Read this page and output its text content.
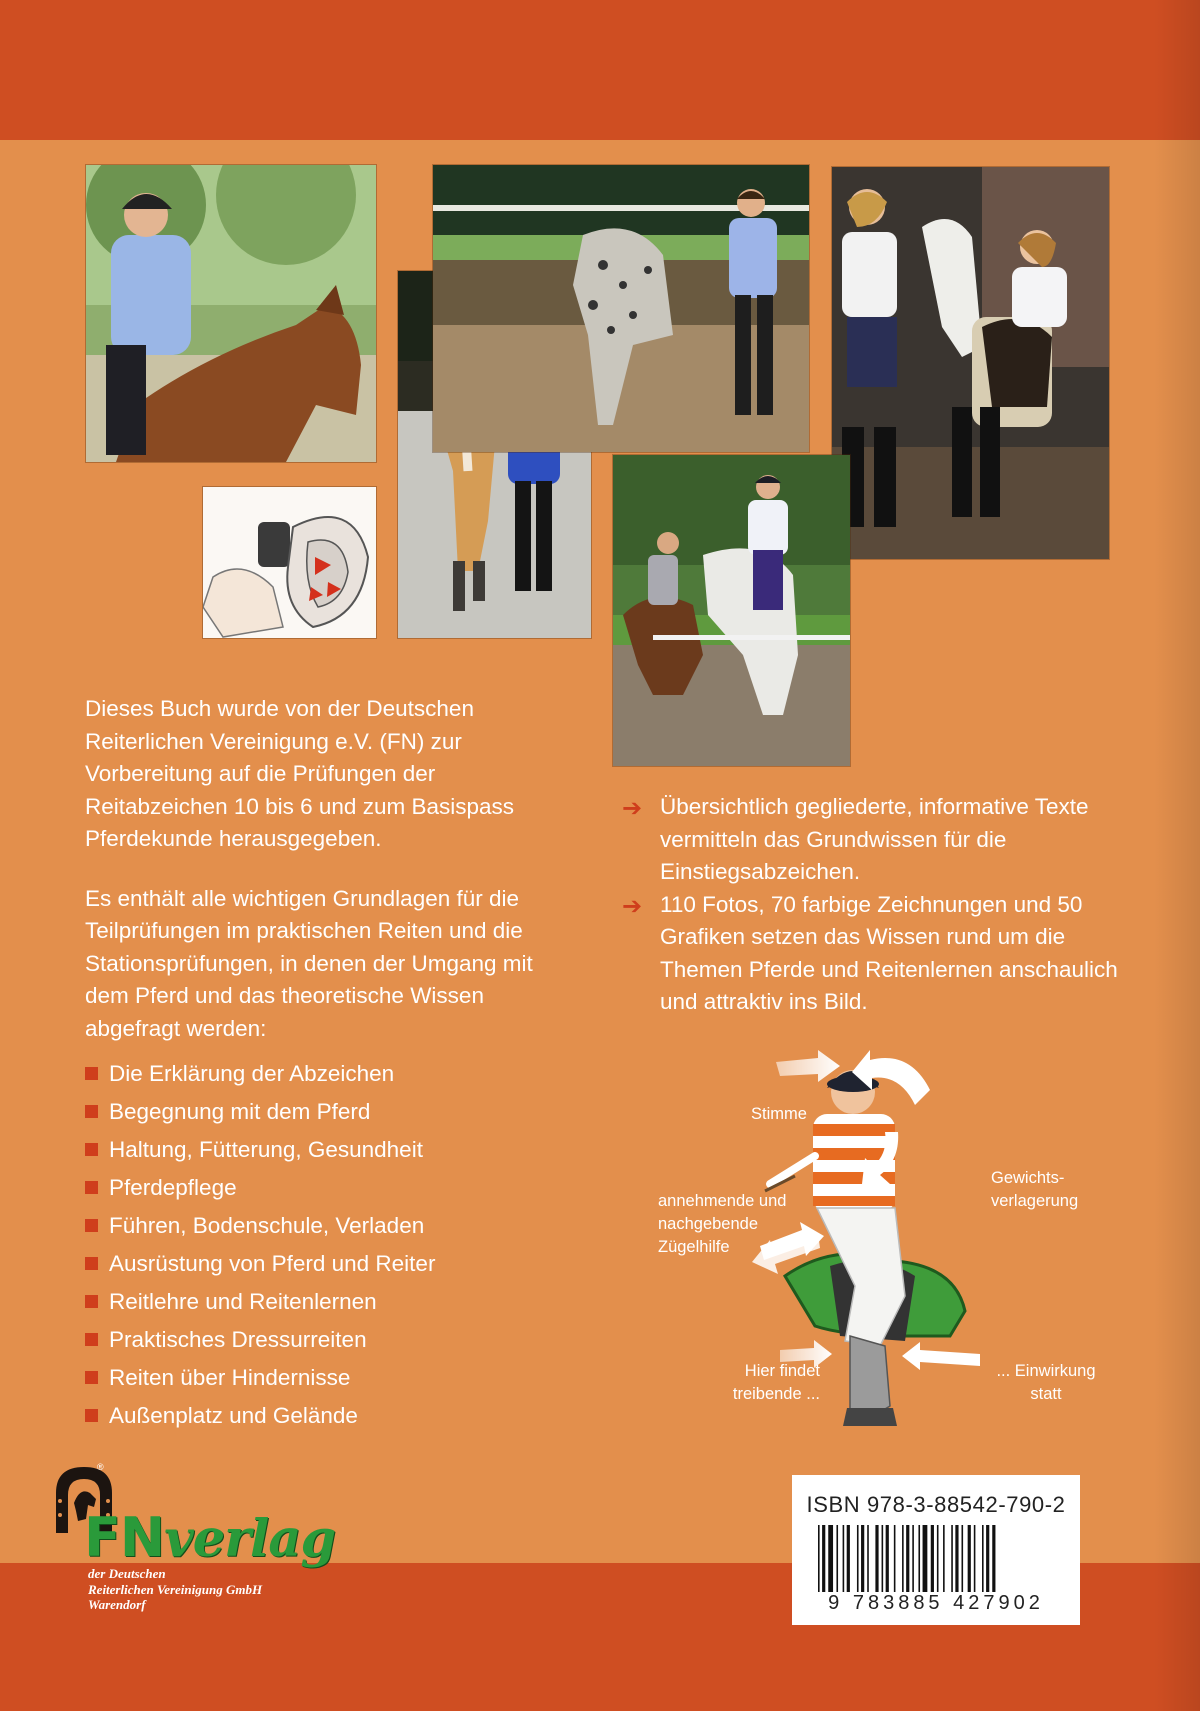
Dieses Buch wurde von der Deutschen Reiterlichen Vereinigung e.V. (FN) zur Vorbereitung auf die Prüfungen der Reitabzeichen 10 bis 6 und zum Basispass Pferdekunde herausgegeben.

Es enthält alle wichtigen Grundlagen für die Teilprüfungen im praktischen Reiten und die Stationsprüfungen, in denen der Umgang mit dem Pferd und das theoretische Wissen abgefragt werden:

Die Erklärung der Abzeichen
Begegnung mit dem Pferd
Haltung, Fütterung, Gesundheit
Pferdepflege
Führen, Bodenschule, Verladen
Ausrüstung von Pferd und Reiter
Reitlehre und Reitenlernen
Praktisches Dressurreiten
Reiten über Hindernisse
Außenplatz und Gelände
➔ Übersichtlich gegliederte, informative Texte vermitteln das Grundwissen für die Einstiegsabzeichen.
➔ 110 Fotos, 70 farbige Zeichnungen und 50 Grafiken setzen das Wissen rund um die Themen Pferde und Reitenlernen anschaulich und attraktiv ins Bild.
Stimme
Gewichts-
verlagerung
annehmende und
nachgebende
Zügelhilfe
Hier findet
treibende ...
... Einwirkung
statt
®
FNverlag
der Deutschen
Reiterlichen Vereinigung GmbH
Warendorf
ISBN 978-3-88542-790-2
9 783885 427902
